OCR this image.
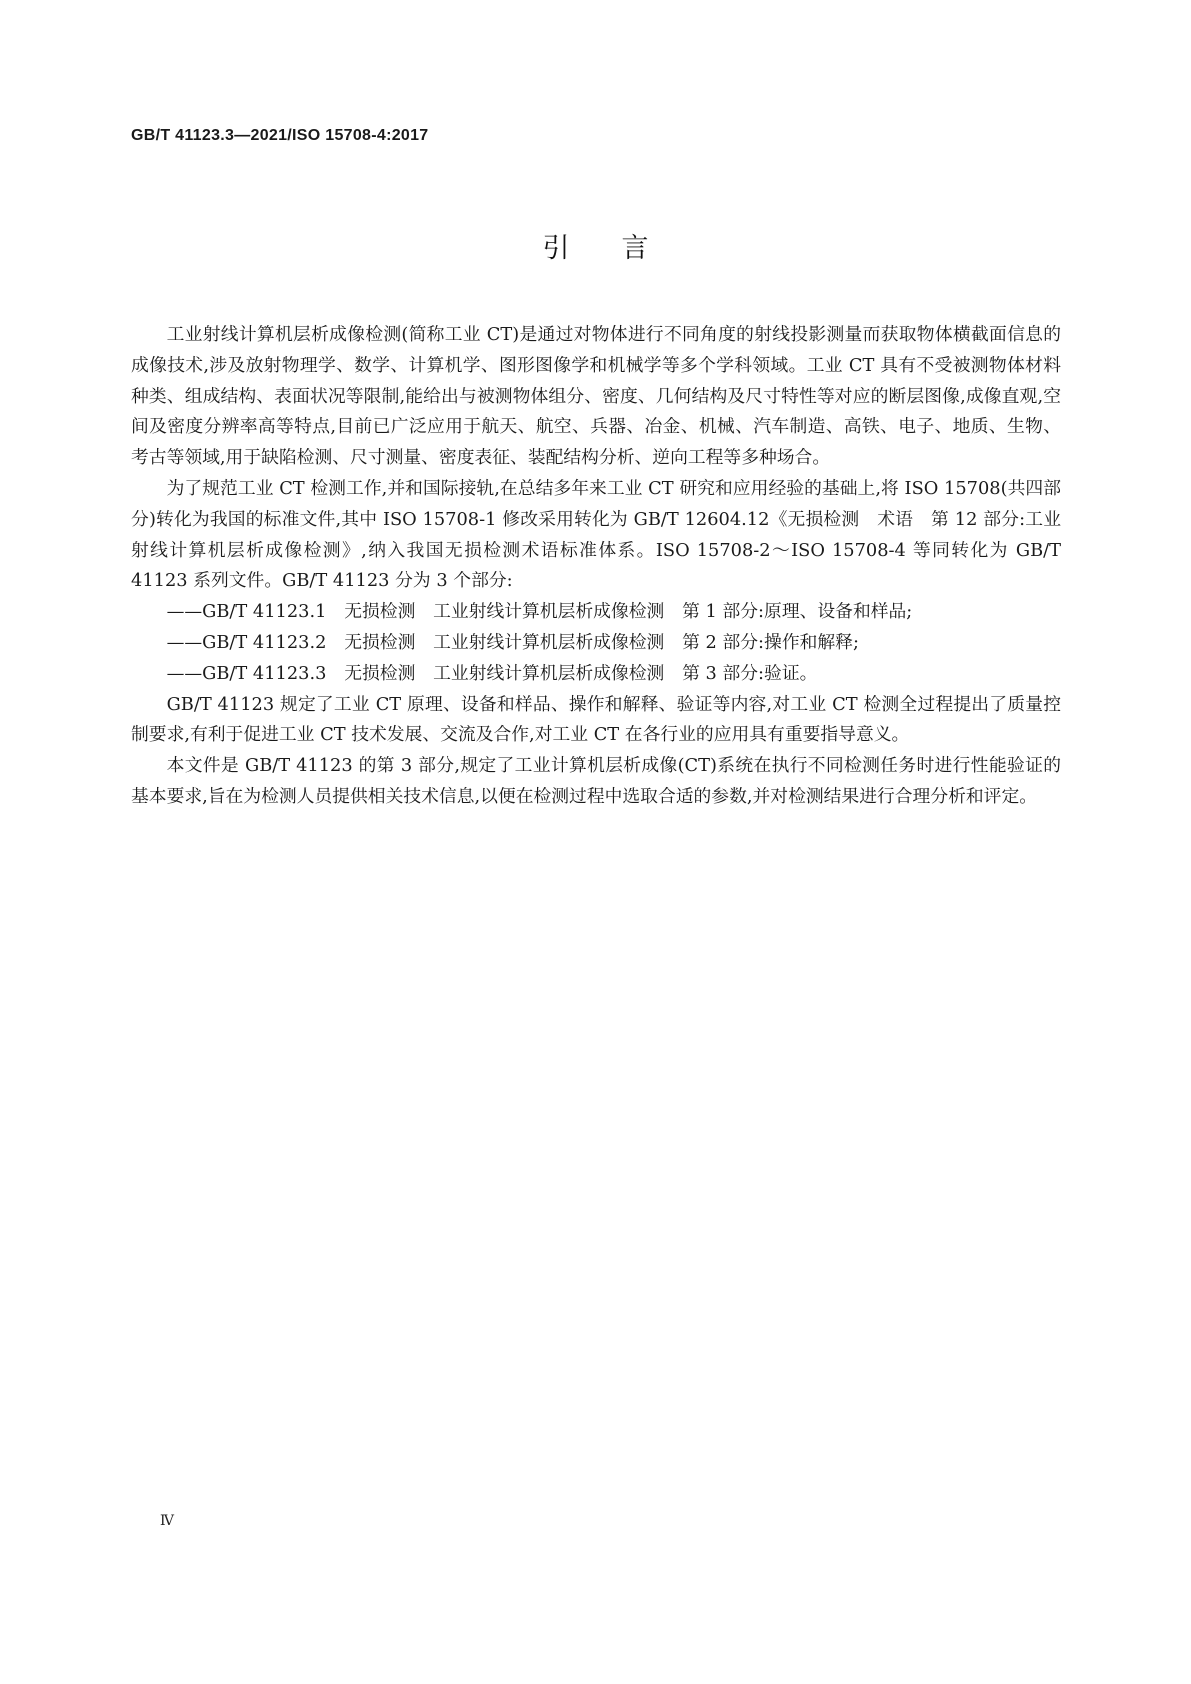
GB/T 41123.3—2021/ISO 15708-4:2017
引言

工业射线计算机层析成像检测(简称工业 CT)是通过对物体进行不同角度的射线投影测量而获取物体横截面信息的成像技术,涉及放射物理学、数学、计算机学、图形图像学和机械学等多个学科领域。工业 CT 具有不受被测物体材料种类、组成结构、表面状况等限制,能给出与被测物体组分、密度、几何结构及尺寸特性等对应的断层图像,成像直观,空间及密度分辨率高等特点,目前已广泛应用于航天、航空、兵器、冶金、机械、汽车制造、高铁、电子、地质、生物、考古等领域,用于缺陷检测、尺寸测量、密度表征、装配结构分析、逆向工程等多种场合。

为了规范工业 CT 检测工作,并和国际接轨,在总结多年来工业 CT 研究和应用经验的基础上,将 ISO 15708(共四部分)转化为我国的标准文件,其中 ISO 15708-1 修改采用转化为 GB/T 12604.12《无损检测　术语　第 12 部分:工业射线计算机层析成像检测》,纳入我国无损检测术语标准体系。ISO 15708-2～ISO 15708-4 等同转化为 GB/T 41123 系列文件。GB/T 41123 分为 3 个部分:

——GB/T 41123.1　无损检测　工业射线计算机层析成像检测　第 1 部分:原理、设备和样品;

——GB/T 41123.2　无损检测　工业射线计算机层析成像检测　第 2 部分:操作和解释;

——GB/T 41123.3　无损检测　工业射线计算机层析成像检测　第 3 部分:验证。

GB/T 41123 规定了工业 CT 原理、设备和样品、操作和解释、验证等内容,对工业 CT 检测全过程提出了质量控制要求,有利于促进工业 CT 技术发展、交流及合作,对工业 CT 在各行业的应用具有重要指导意义。

本文件是 GB/T 41123 的第 3 部分,规定了工业计算机层析成像(CT)系统在执行不同检测任务时进行性能验证的基本要求,旨在为检测人员提供相关技术信息,以便在检测过程中选取合适的参数,并对检测结果进行合理分析和评定。

Ⅳ
